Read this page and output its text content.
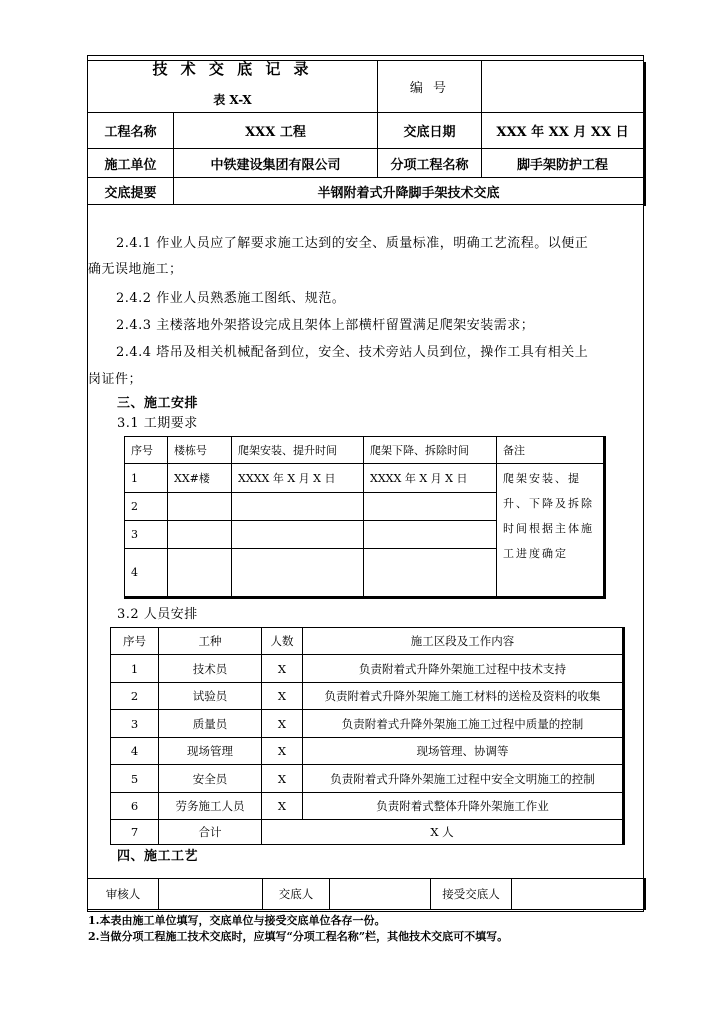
技 术 交 底 记 录
表 X-X		编 号	
工程名称	XXX 工程	交底日期	XXX 年 XX 月 XX 日
施工单位	中铁建设集团有限公司	分项工程名称	脚手架防护工程
交底提要	半钢附着式升降脚手架技术交底		
2.4.1 作业人员应了解要求施工达到的安全、质量标准，明确工艺流程。以便正
确无误地施工；
2.4.2 作业人员熟悉施工图纸、规范。
2.4.3 主楼落地外架搭设完成且架体上部横杆留置满足爬架安装需求；
2.4.4 塔吊及相关机械配备到位，安全、技术旁站人员到位，操作工具有相关上
岗证件；
三、施工安排
3.1 工期要求
序号	楼栋号	爬架安装、提升时间	爬架下降、拆除时间	备注
1	XX#楼	XXXX 年 X 月 X 日	XXXX 年 X 月 X 日	爬架安装、提升、下降及拆除时间根据主体施工进度确定
2				
3				
4				
3.2 人员安排
序号	工种	人数	施工区段及工作内容
1	技术员	X	负责附着式升降外架施工过程中技术支持
2	试验员	X	负责附着式升降外架施工施工材料的送检及资料的收集
3	质量员	X	负责附着式升降外架施工施工过程中质量的控制
4	现场管理	X	现场管理、协调等
5	安全员	X	负责附着式升降外架施工过程中安全文明施工的控制
6	劳务施工人员	X	负责附着式整体升降外架施工作业
7	合计	X 人	
四、施工工艺
审核人		交底人		接受交底人	
1.本表由施工单位填写，交底单位与接受交底单位各存一份。
2.当做分项工程施工技术交底时，应填写“分项工程名称”栏，其他技术交底可不填写。
